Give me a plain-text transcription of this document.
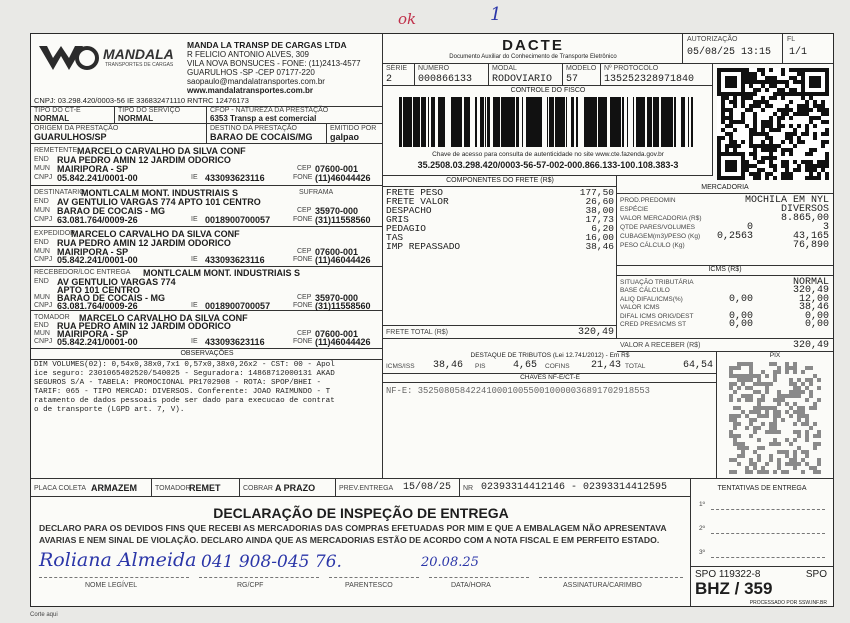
ok	1
MANDALA
TRANSPORTES DE CARGAS
MANDA LA TRANSP DE CARGAS LTDA
R FELICIO ANTONIO ALVES, 309
VILA NOVA BONSUCES - FONE: (11)2413-4577
GUARULHOS -SP -CEP 07177-220
saopaulo@mandalatransportes.com.br
www.mandalatransportes.com.br
CNPJ: 03.298.420/0003-56 IE 336832471110 RNTRC 12476173
TIPO DO CT-E
NORMAL
TIPO DO SERVIÇO
NORMAL
CFOP - NATUREZA DA PRESTAÇÃO
6353 Transp a est comercial
ORIGEM DA PRESTAÇÃO
GUARULHOS/SP
DESTINO DA PRESTAÇÃO
BARAO DE COCAIS/MG
EMITIDO POR
galpao
REMETENTE MARCELO CARVALHO DA SILVA CONF
END RUA PEDRO AMIN 12 JARDIM ODORICO
MUN MAIRIPORA - SP	CEP 07600-001
CNPJ 05.842.241/0001-00	IE 433093623116	FONE (11)46044426
DESTINATARIO
MONTLCALM MONT. INDUSTRIAIS S	SUFRAMA
END AV GENTULIO VARGAS 774 APTO 101 CENTRO
MUN BARAO DE COCAIS - MG	CEP 35970-000
CNPJ 63.081.764/0009-26	IE 0018900700057	FONE (31)11558560
EXPEDIDOR
MARCELO CARVALHO DA SILVA CONF
END RUA PEDRO AMIN 12 JARDIM ODORICO
MUN MAIRIPORA - SP	CEP 07600-001
CNPJ 05.842.241/0001-00	IE 433093623116	FONE (11)46044426
RECEBEDOR/LOC ENTREGA MONTLCALM MONT. INDUSTRIAIS S
END AV GENTULIO VARGAS 774
APTO 101 CENTRO
MUN BARAO DE COCAIS - MG	CEP 35970-000
CNPJ 63.081.764/0009-26	IE 0018900700057	FONE (31)11558560
TOMADOR MARCELO CARVALHO DA SILVA CONF
END RUA PEDRO AMIN 12 JARDIM ODORICO
MUN MAIRIPORA - SP	CEP 07600-001
CNPJ 05.842.241/0001-00	IE 433093623116	FONE (11)46044426
DACTE
Documento Auxiliar do Conhecimento de Transporte Eletrônico
AUTORIZAÇÃO
05/08/25 13:15
FL
1/1
SÉRIE
2
NÚMERO
000866133
MODAL
RODOVIARIO
MODELO
57
Nº PROTOCOLO
135252328971840
CONTROLE DO FISCO
Chave de acesso para consulta de autenticidade no site www.cte.fazenda.gov.br
35.2508.03.298.420/0003-56-57-002-000.866.133-100.108.383-3
COMPONENTES DO FRETE (R$)
FRETE PESO	177,50
FRETE VALOR	26,60
DESPACHO	38,00
GRIS	17,73
PEDAGIO	6,20
TAS	16,00
IMP REPASSADO	38,46
FRETE TOTAL (R$)	320,49
MERCADORIA
PROD.PREDOMIN	MOCHILA EM NYL
ESPÉCIE	DIVERSOS
VALOR MERCADORIA (R$)	8.865,00
QTDE PARES/VOLUMES	0	3
CUBAGEM(m3)/PESO (Kg) 0,2563	43,165
PESO CÁLCULO (Kg)	76,890
ICMS (R$)
SITUAÇÃO TRIBUTÁRIA	NORMAL
BASE CÁLCULO	320,49
ALIQ DIFAL/ICMS(%)	0,00	12,00
VALOR ICMS	38,46
DIFAL ICMS ORIG/DEST	0,00	0,00
CRED PRES/ICMS ST	0,00	0,00
VALOR A RECEBER (R$)	320,49
OBSERVAÇÕES
DIM VOLUMES(02): 0,54x0,38x0,7x1 0,57x0,38x0,26x2 - CST: 00 - Apol
ice seguro: 2301065402520/540025 - Seguradora: 14868712000131 AKAD
SEGUROS S/A - TABELA: PROMOCIONAL PR1702908 - ROTA: SPOP/BHEI -
TARIF: 065 - TIPO MERCAD: DIVERSOS. Conferente: JOAO RAIMUNDO - T
ratamento de dados pessoais pode ser dado para execucao de contrat
o de transporte (LGPD art. 7, V).
DESTAQUE DE TRIBUTOS (Lei 12.741/2012) - Em R$
ICMS/ISS 38,46 PIS	4,65 COFINS 21,43 TOTAL	64,54
CHAVES NF-E/CT-E
NF-E: 35250805842241000100550010000036891702918553
PIX
PLACA COLETA ARMAZEM	TOMADOR
REMET	COBRAR A PRAZO	PREV.ENTREGA 15/08/25 NR 02393314412146 - 02393314412595
DECLARAÇÃO DE INSPEÇÃO DE ENTREGA
DECLARO PARA OS DEVIDOS FINS QUE RECEBI AS MERCADORIAS DAS COMPRAS EFETUADAS POR MIM E QUE A EMBALAGEM NÃO APRESENTAVA
AVARIAS E NEM SINAL DE VIOLAÇÃO. DECLARO AINDA QUE AS MERCADORIAS ESTÃO DE ACORDO COM A NOTA FISCAL E EM PERFEITO ESTADO.
Roliana Almeida 041 908-045 76.	20.08.25
NOME LEGÍVEL	RG/CPF	PARENTESCO	DATA/HORA	ASSINATURA/CARIMBO
TENTATIVAS DE ENTREGA
1º
2º
3º
SPO 119322-8	SPO
BHZ / 359
PROCESSADO POR SSW.INF.BR
Corte aqui
